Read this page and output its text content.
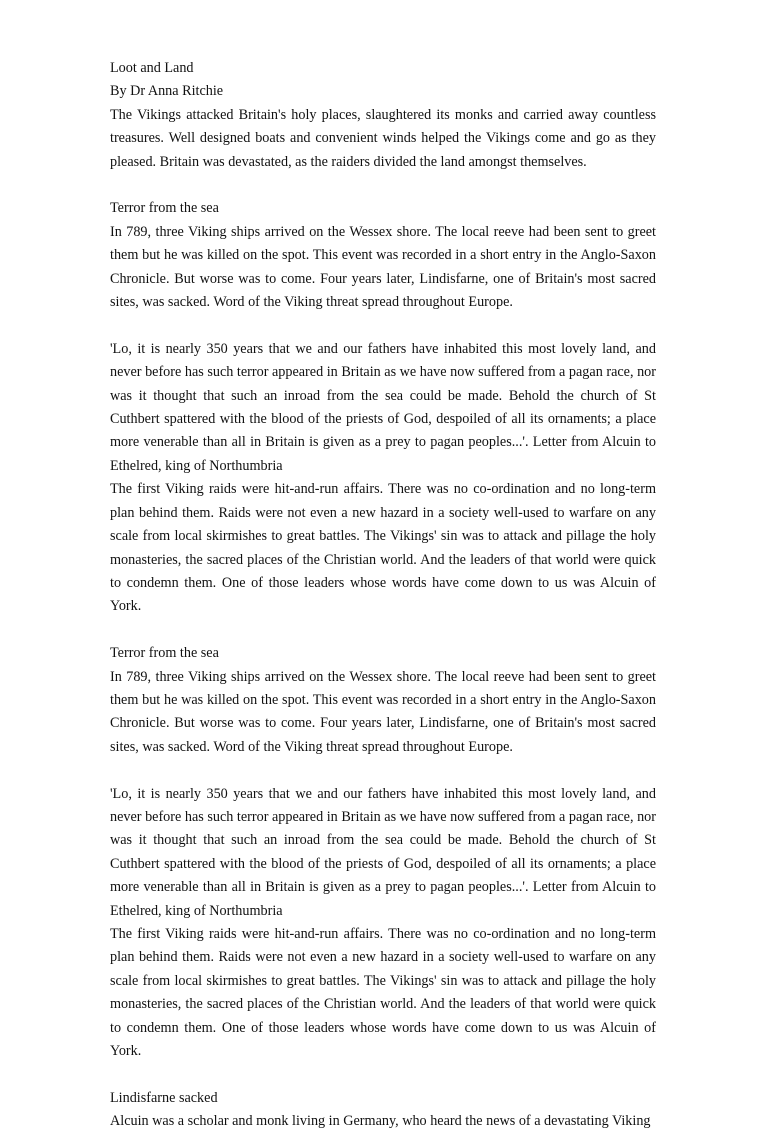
Loot and Land

By Dr Anna Ritchie

The Vikings attacked Britain's holy places, slaughtered its monks and carried away countless treasures. Well designed boats and convenient winds helped the Vikings come and go as they pleased. Britain was devastated, as the raiders divided the land amongst themselves.

Terror from the sea

In 789, three Viking ships arrived on the Wessex shore. The local reeve had been sent to greet them but he was killed on the spot. This event was recorded in a short entry in the Anglo-Saxon Chronicle. But worse was to come. Four years later, Lindisfarne, one of Britain's most sacred sites, was sacked. Word of the Viking threat spread throughout Europe.

'Lo, it is nearly 350 years that we and our fathers have inhabited this most lovely land, and never before has such terror appeared in Britain as we have now suffered from a pagan race, nor was it thought that such an inroad from the sea could be made. Behold the church of St Cuthbert spattered with the blood of the priests of God, despoiled of all its ornaments; a place more venerable than all in Britain is given as a prey to pagan peoples...'. Letter from Alcuin to Ethelred, king of Northumbria

The first Viking raids were hit-and-run affairs. There was no co-ordination and no long-term plan behind them. Raids were not even a new hazard in a society well-used to warfare on any scale from local skirmishes to great battles. The Vikings' sin was to attack and pillage the holy monasteries, the sacred places of the Christian world. And the leaders of that world were quick to condemn them. One of those leaders whose words have come down to us was Alcuin of York.

Terror from the sea

In 789, three Viking ships arrived on the Wessex shore. The local reeve had been sent to greet them but he was killed on the spot. This event was recorded in a short entry in the Anglo-Saxon Chronicle. But worse was to come. Four years later, Lindisfarne, one of Britain's most sacred sites, was sacked. Word of the Viking threat spread throughout Europe.

'Lo, it is nearly 350 years that we and our fathers have inhabited this most lovely land, and never before has such terror appeared in Britain as we have now suffered from a pagan race, nor was it thought that such an inroad from the sea could be made. Behold the church of St Cuthbert spattered with the blood of the priests of God, despoiled of all its ornaments; a place more venerable than all in Britain is given as a prey to pagan peoples...'. Letter from Alcuin to Ethelred, king of Northumbria

The first Viking raids were hit-and-run affairs. There was no co-ordination and no long-term plan behind them. Raids were not even a new hazard in a society well-used to warfare on any scale from local skirmishes to great battles. The Vikings' sin was to attack and pillage the holy monasteries, the sacred places of the Christian world. And the leaders of that world were quick to condemn them. One of those leaders whose words have come down to us was Alcuin of York.

Lindisfarne sacked

Alcuin was a scholar and monk living in Germany, who heard the news of a devastating Viking
